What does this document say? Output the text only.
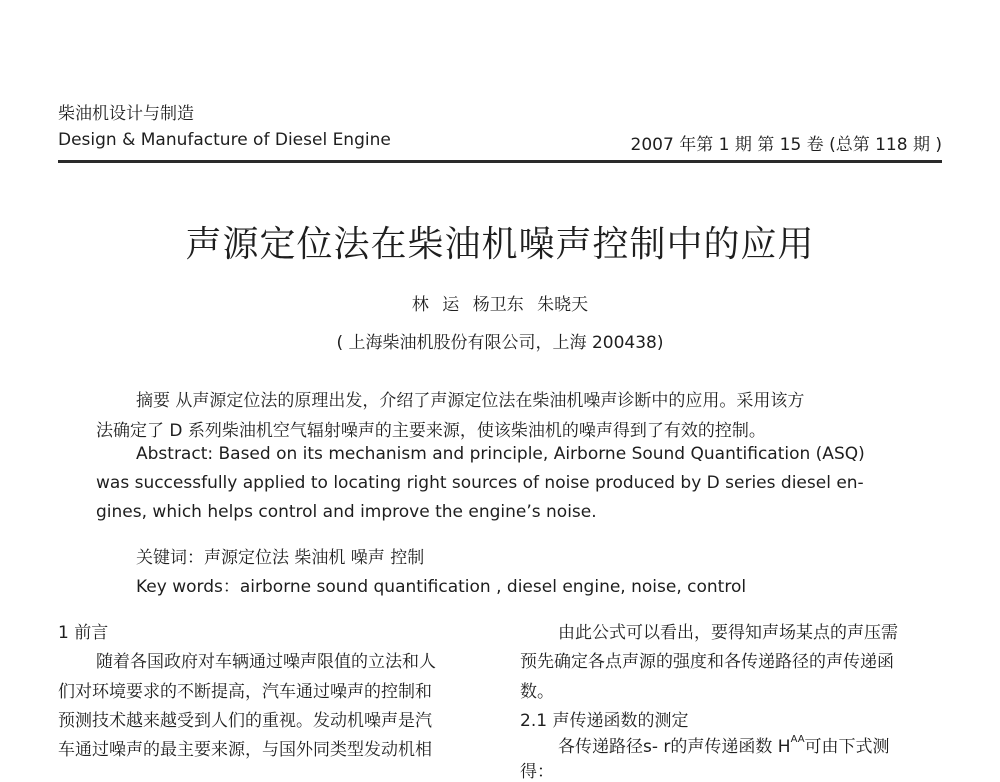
柴油机设计与制造
Design & Manufacture of Diesel Engine	2007 年第 1 期 第 15 卷 (总第 118 期 )
声源定位法在柴油机噪声控制中的应用
林 运 杨卫东 朱晓天
( 上海柴油机股份有限公司，上海 200438)
摘要 从声源定位法的原理出发，介绍了声源定位法在柴油机噪声诊断中的应用。采用该方
法确定了 D 系列柴油机空气辐射噪声的主要来源，使该柴油机的噪声得到了有效的控制。
Abstract: Based on its mechanism and principle, Airborne Sound Quantification (ASQ)
was successfully applied to locating right sources of noise produced by D series diesel en-
gines, which helps control and improve the engine’s noise.
关键词：声源定位法 柴油机 噪声 控制
Key words：airborne sound quantification , diesel engine, noise, control
1 前言
随着各国政府对车辆通过噪声限值的立法和人
们对环境要求的不断提高，汽车通过噪声的控制和
预测技术越来越受到人们的重视。发动机噪声是汽
车通过噪声的最主要来源，与国外同类型发动机相
由此公式可以看出，要得知声场某点的声压需
预先确定各点声源的强度和各传递路径的声传递函
数。
2.1 声传递函数的测定
各传递路径s- r的声传递函数 $H^{AA}$可由下式测
得：
